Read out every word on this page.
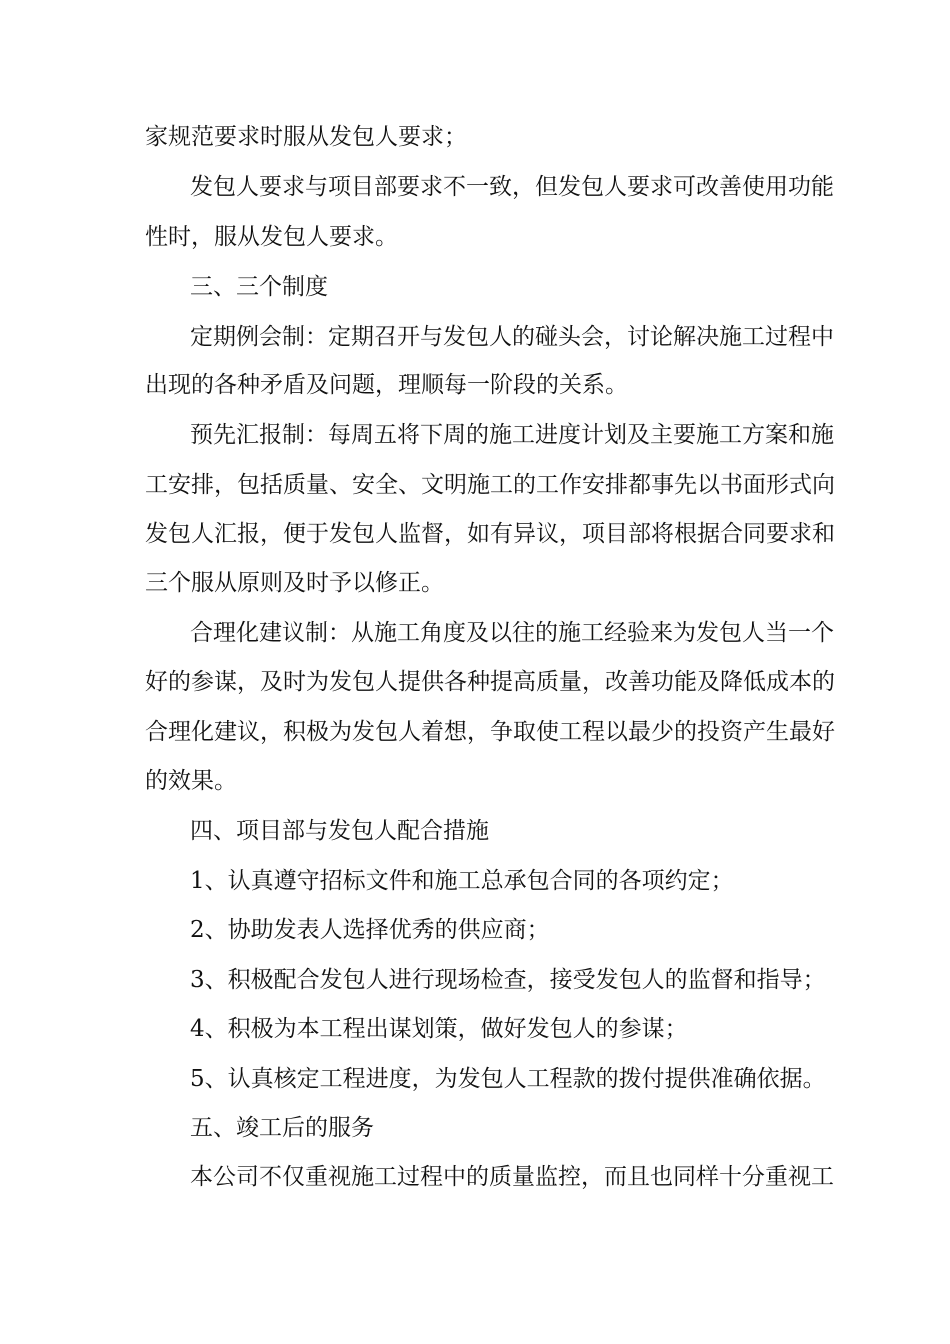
家规范要求时服从发包人要求；
发包人要求与项目部要求不一致，但发包人要求可改善使用功能
性时，服从发包人要求。
三、三个制度
定期例会制：定期召开与发包人的碰头会，讨论解决施工过程中
出现的各种矛盾及问题，理顺每一阶段的关系。
预先汇报制：每周五将下周的施工进度计划及主要施工方案和施
工安排，包括质量、安全、文明施工的工作安排都事先以书面形式向
发包人汇报，便于发包人监督，如有异议，项目部将根据合同要求和
三个服从原则及时予以修正。
合理化建议制：从施工角度及以往的施工经验来为发包人当一个
好的参谋，及时为发包人提供各种提高质量，改善功能及降低成本的
合理化建议，积极为发包人着想，争取使工程以最少的投资产生最好
的效果。
四、项目部与发包人配合措施
1、认真遵守招标文件和施工总承包合同的各项约定；
2、协助发表人选择优秀的供应商；
3、积极配合发包人进行现场检查，接受发包人的监督和指导；
4、积极为本工程出谋划策，做好发包人的参谋；
5、认真核定工程进度，为发包人工程款的拨付提供准确依据。
五、竣工后的服务
本公司不仅重视施工过程中的质量监控，而且也同样十分重视工
